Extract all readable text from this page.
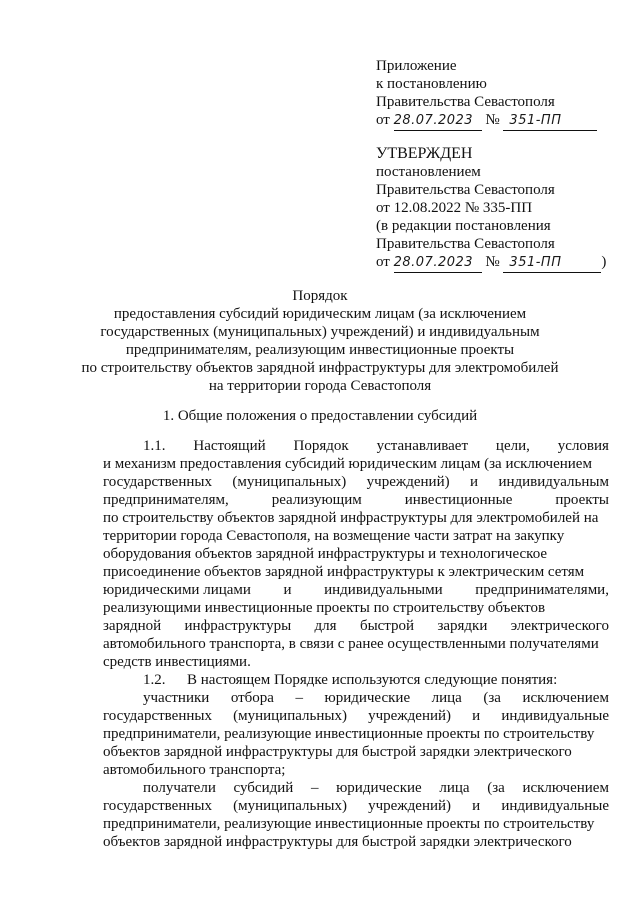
Приложение
к постановлению
Правительства Севастополя
от 28.07.2023 № 351-ПП
УТВЕРЖДЕН
постановлением
Правительства Севастополя
от 12.08.2022 № 335-ПП
(в редакции постановления
Правительства Севастополя
от 28.07.2023 № 351-ПП	)
Порядок
предоставления субсидий юридическим лицам (за исключением
государственных (муниципальных) учреждений) и индивидуальным
предпринимателям, реализующим инвестиционные проекты
по строительству объектов зарядной инфраструктуры для электромобилей
на территории города Севастополя
1. Общие положения о предоставлении субсидий
1.1. Настоящий Порядок устанавливает цели, условия
и механизм предоставления субсидий юридическим лицам (за исключением
государственных (муниципальных) учреждений) и индивидуальным
предпринимателям,	реализующим	инвестиционные	проекты
по строительству объектов зарядной инфраструктуры для электромобилей на
территории города Севастополя, на возмещение части затрат на закупку
оборудования объектов зарядной инфраструктуры и технологическое
присоединение объектов зарядной инфраструктуры к электрическим сетям
юридическими лицами и индивидуальными предпринимателями,
реализующими инвестиционные проекты по строительству объектов
зарядной инфраструктуры для быстрой зарядки электрического
автомобильного транспорта, в связи с ранее осуществленными получателями
средств инвестициями.
1.2. В настоящем Порядке используются следующие понятия:
участники отбора – юридические лица (за исключением
государственных (муниципальных) учреждений) и индивидуальные
предприниматели, реализующие инвестиционные проекты по строительству
объектов зарядной инфраструктуры для быстрой зарядки электрического
автомобильного транспорта;
получатели субсидий – юридические лица (за исключением
государственных (муниципальных) учреждений) и индивидуальные
предприниматели, реализующие инвестиционные проекты по строительству
объектов зарядной инфраструктуры для быстрой зарядки электрического
